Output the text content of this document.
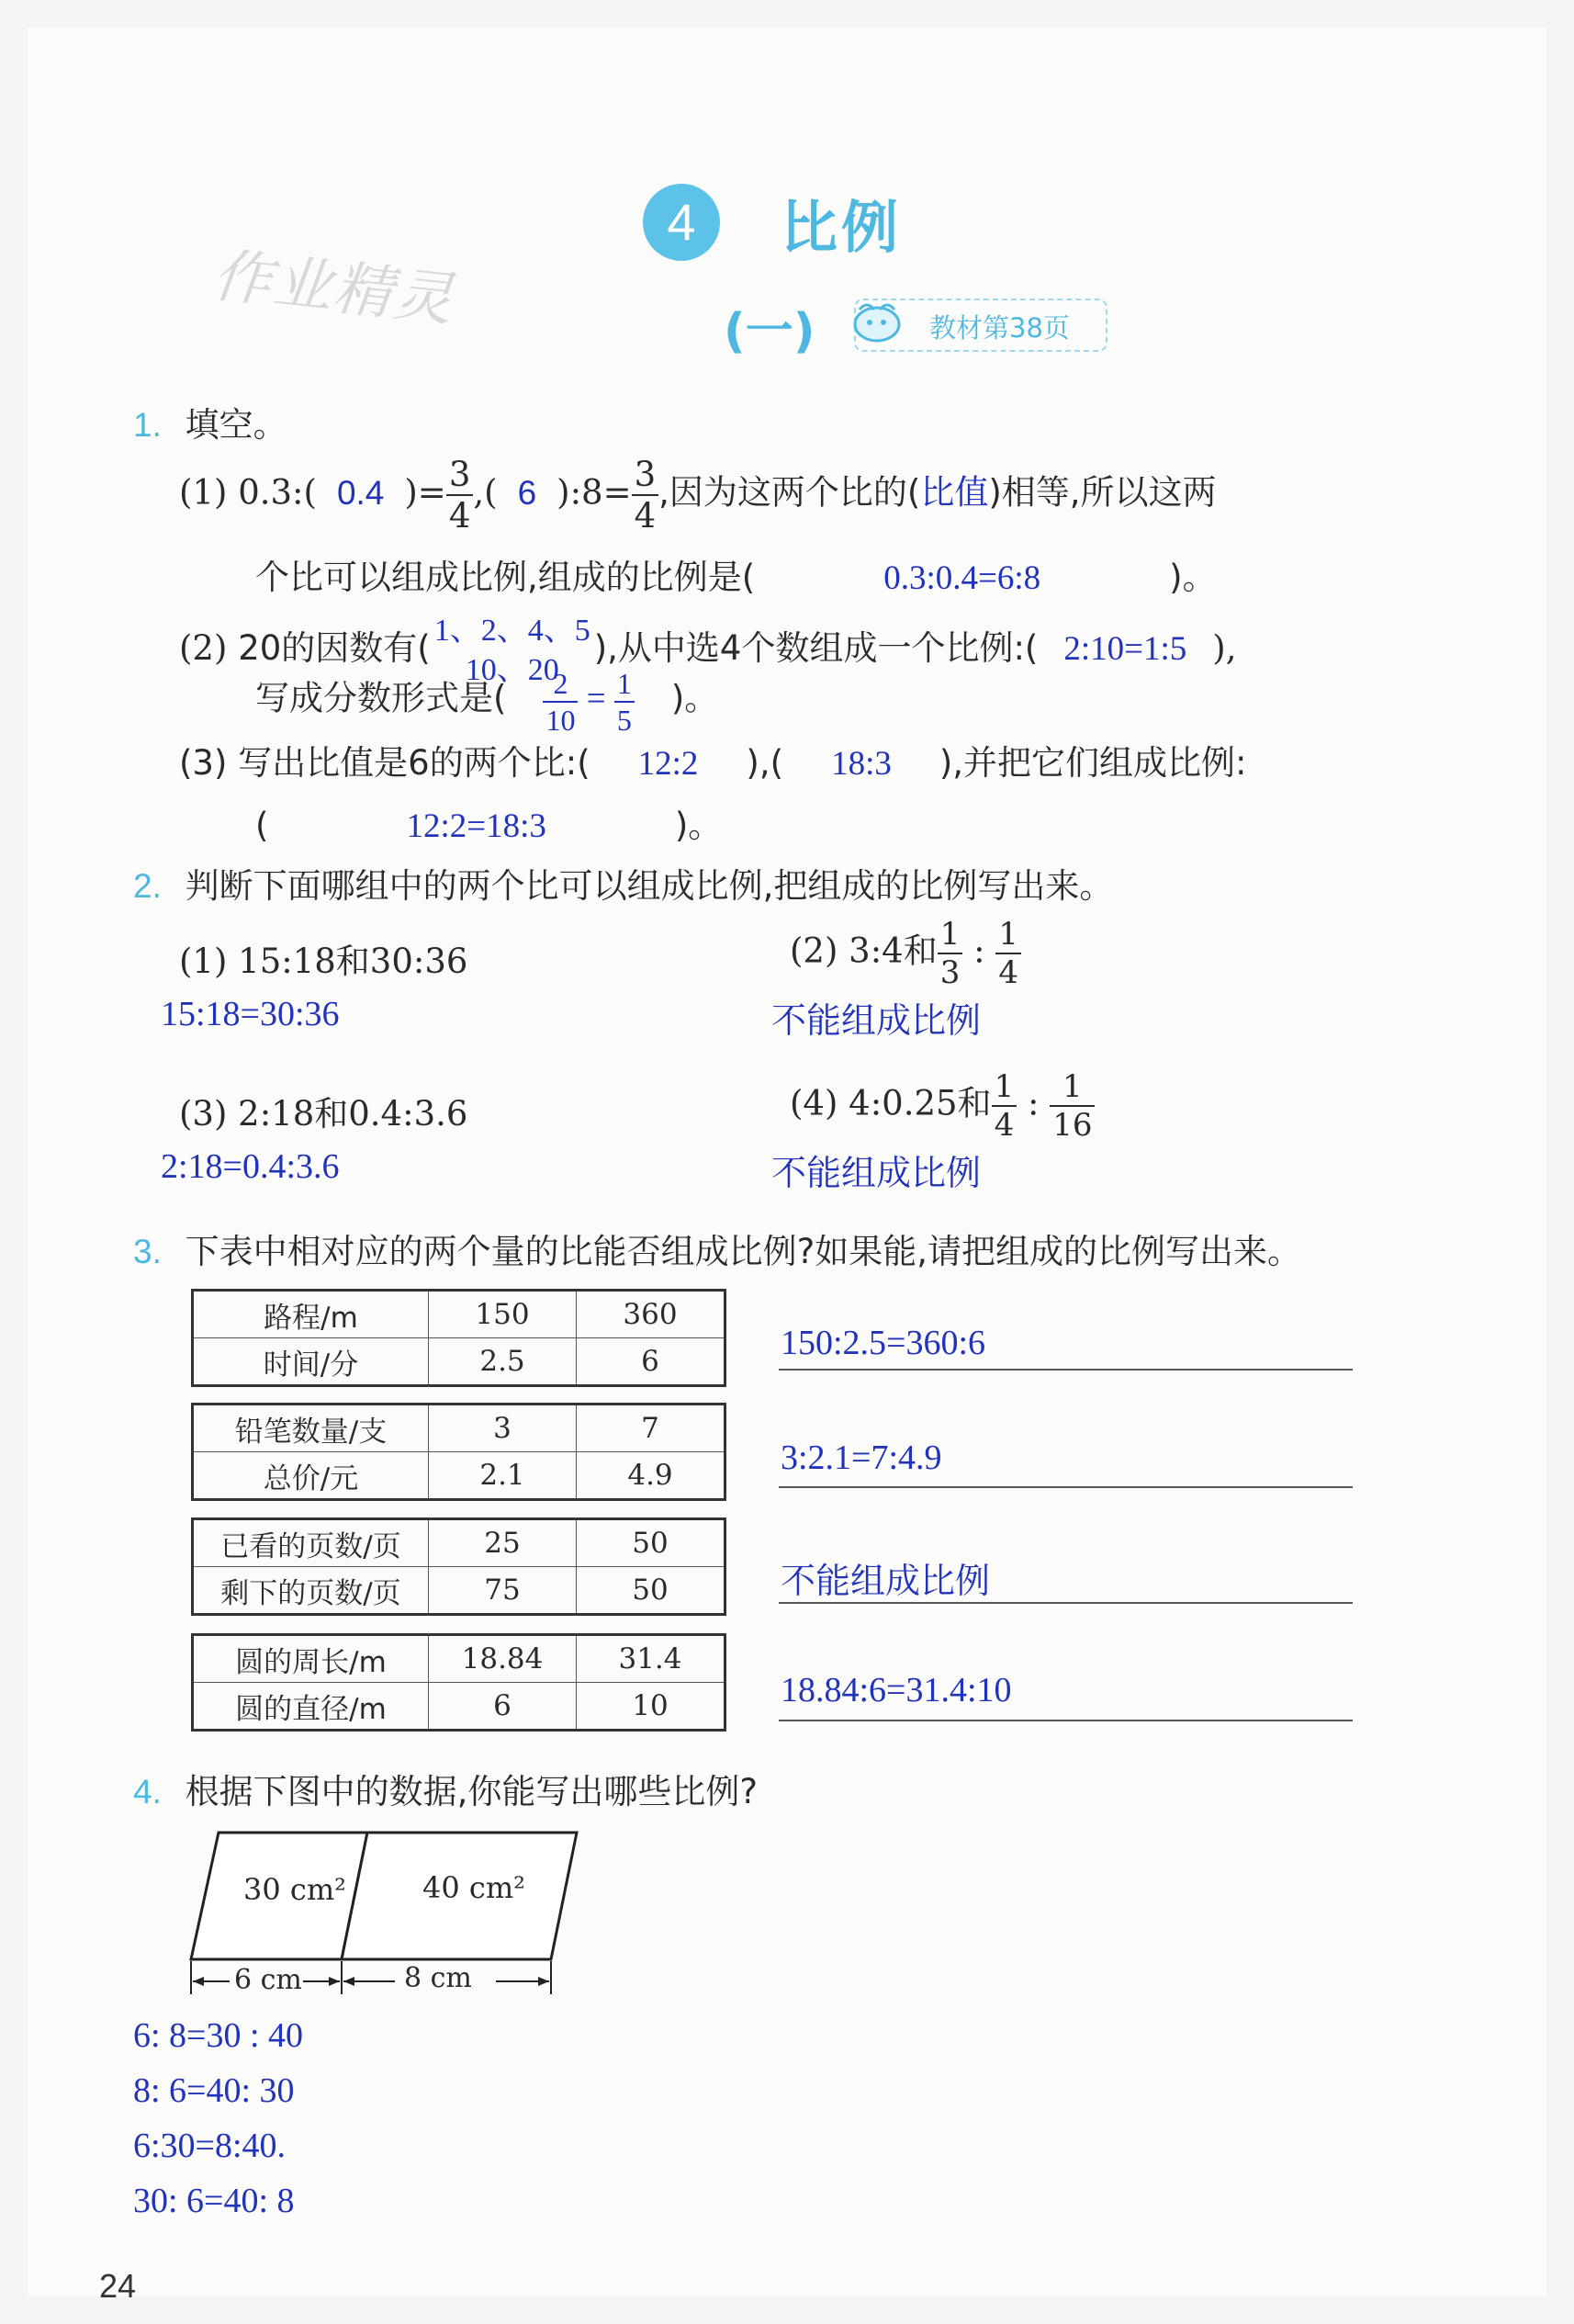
4	比例
作业精灵	(一)	教材第38页
1. 填空。
(1) 0.3:( 0.4 )= $\frac{3}{4}$ ,( 6 ):8= $\frac{3}{4}$ ,因为这两个比的(比值)相等,所以这两
个比可以组成比例,组成的比例是(	0.3:0.4=6:8	)。
(2) 20的因数有( 1、2、4、5
10、20
),从中选4个数组成一个比例:( 2:10=1:5 ),
写成分数形式是( $\frac{2}{10} = \frac{1}{5}$ )。
(3) 写出比值是6的两个比:( 12:2 ),( 18:3 ),并把它们组成比例:
(	12:2=18:3	)。
2. 判断下面哪组中的两个比可以组成比例,把组成的比例写出来。
(1) 15:18和30:36
15:18=30:36
(2) 3:4和 $\frac{1}{3}$ : $\frac{1}{4}$
不能组成比例
(3) 2:18和0.4:3.6
2:18=0.4:3.6
(4) 4:0.25和 $\frac{1}{4}$ : $\frac{1}{16}$
不能组成比例
3. 下表中相对应的两个量的比能否组成比例?如果能,请把组成的比例写出来。
路程/m	150	360
时间/分	2.5	6	150:2.5=360:6
铅笔数量/支	3	7
总价/元	2.1	4.9	3:2.1=7:4.9
已看的页数/页	25	50
剩下的页数/页	75	50	不能组成比例
圆的周长/m	18.84	31.4
圆的直径/m	6	10	18.84:6=31.4:10
4. 根据下图中的数据,你能写出哪些比例?
30 cm²	40 cm²
6 cm	8 cm
6: 8=30 : 40
8: 6=40: 30
6:30=8:40.
30: 6=40: 8
24
